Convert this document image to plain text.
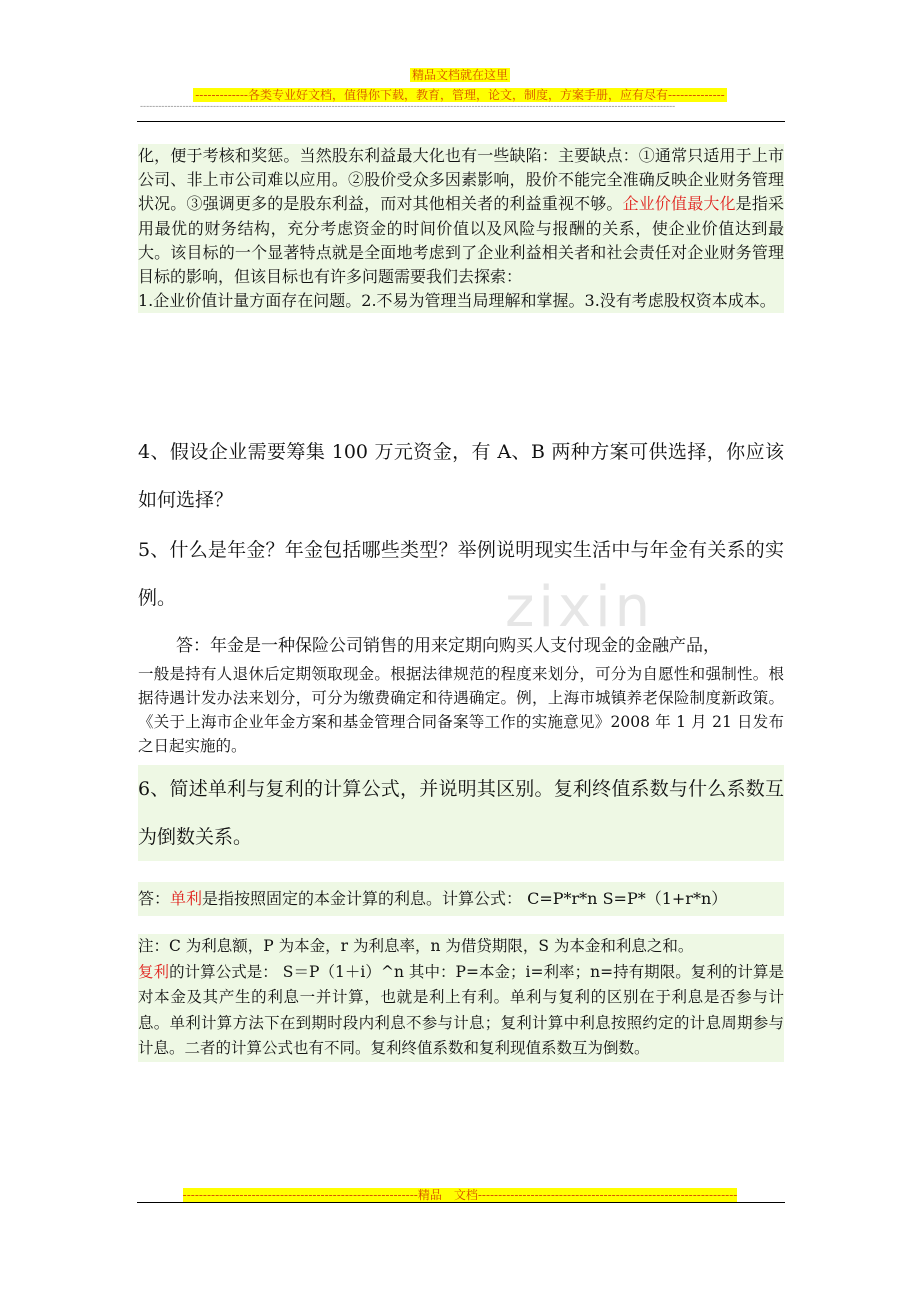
精品文档就在这里
-------------各类专业好文档，值得你下载，教育，管理，论文，制度，方案手册，应有尽有--------------
--------------------------------------------------------------------------------------------------------------------------------------------------------------------------------
化，便于考核和奖惩。当然股东利益最大化也有一些缺陷：主要缺点：①通常只适用于上市公司、非上市公司难以应用。②股价受众多因素影响，股价不能完全准确反映企业财务管理状况。③强调更多的是股东利益，而对其他相关者的利益重视不够。企业价值最大化是指采用最优的财务结构，充分考虑资金的时间价值以及风险与报酬的关系，使企业价值达到最大。该目标的一个显著特点就是全面地考虑到了企业利益相关者和社会责任对企业财务管理目标的影响，但该目标也有许多问题需要我们去探索：
1.企业价值计量方面存在问题。2.不易为管理当局理解和掌握。3.没有考虑股权资本成本。
4、假设企业需要筹集 100 万元资金，有 A、B 两种方案可供选择，你应该如何选择？
5、什么是年金？年金包括哪些类型？举例说明现实生活中与年金有关系的实例。	zixin
答：年金是一种保险公司销售的用来定期向购买人支付现金的金融产品，
一般是持有人退休后定期领取现金。根据法律规范的程度来划分，可分为自愿性和强制性。根据待遇计发办法来划分，可分为缴费确定和待遇确定。例，上海市城镇养老保险制度新政策。《关于上海市企业年金方案和基金管理合同备案等工作的实施意见》2008 年 1 月 21 日发布之日起实施的。
6、简述单利与复利的计算公式，并说明其区别。复利终值系数与什么系数互为倒数关系。
答：单利是指按照固定的本金计算的利息。计算公式： C=P*r*n S=P*（1+r*n）
注：C 为利息额，P 为本金，r 为利息率，n 为借贷期限，S 为本金和利息之和。
复利的计算公式是： S＝P（1＋i）^n 其中：P=本金；i=利率；n=持有期限。复利的计算是对本金及其产生的利息一并计算，也就是利上有利。单利与复利的区别在于利息是否参与计息。单利计算方法下在到期时段内利息不参与计息；复利计算中利息按照约定的计息周期参与计息。二者的计算公式也有不同。复利终值系数和复利现值系数互为倒数。
----------------------------------------------------------精品　文档----------------------------------------------------------------
